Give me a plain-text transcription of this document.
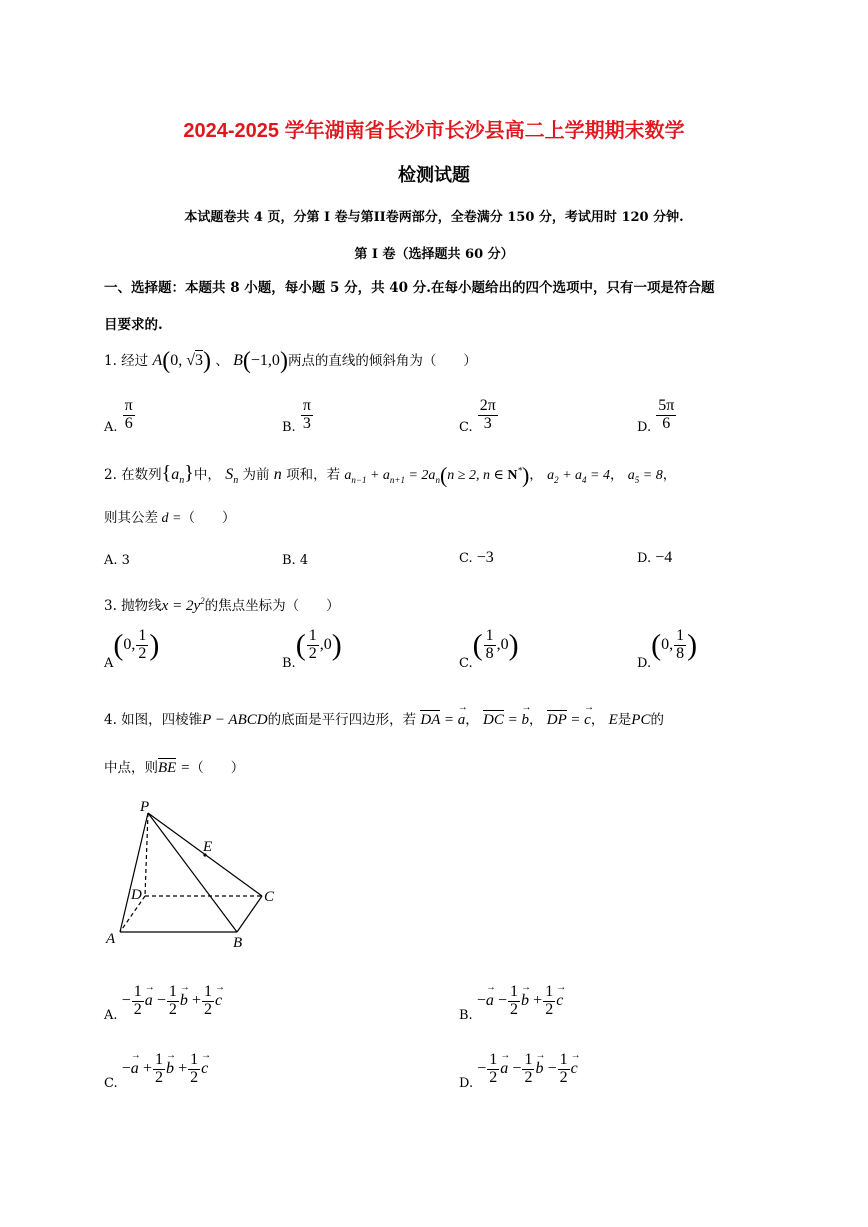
2024-2025 学年湖南省长沙市长沙县高二上学期期末数学
检测试题
本试题卷共 4 页，分第 I 卷与第II卷两部分，全卷满分 150 分，考试用时 120 分钟.
第 I 卷（选择题共 60 分）
一、选择题：本题共 8 小题，每小题 5 分，共 40 分.在每小题给出的四个选项中，只有一项是符合题
目要求的.
1. 经过 A(0, √3) 、 B(−1,0)两点的直线的倾斜角为（　　）
A. $\frac{\pi}{6}$	B. $\frac{\pi}{3}$	C. $\frac{2\pi}{3}$	D. $\frac{5\pi}{6}$
2. 在数列$\{a_n\}$中， $S_n$ 为前 n 项和，若 $a_{n-1} + a_{n+1} = 2a_n(n \ge 2$, n ∈ N*)， $a_2 + a_4 = 4$， $a_5 = 8$，
则其公差 d =（　　）
A. 3	B. 4	C. −3	D. −4
3. 抛物线$x = 2y^2$的焦点坐标为（　　）
A(0, $\frac{1}{2}$ )
$B.( \frac{1}{2} ,0)$
$C.( \frac{1}{8} ,0)$
D.(0, $\frac{1}{8}$ )
4. 如图，四棱锥P − ABCD的底面是平行四边形，若 DA = → a， DC = → b， DP = → c， E是PC的
中点，则BE =（　　）
P
E
D	C
A	B
A. − $\frac{1}{2}$
→ $a - \frac{1}{2}$
→ $b + \frac{1}{2}$
→ c
B. −→ $a - \frac{1}{2}$
→ $b + \frac{1}{2}$
→ c
C. −→ $a + \frac{1}{2}$
→ $b + \frac{1}{2}$
→ c
D. − $\frac{1}{2}$
→ $a - \frac{1}{2}$
→ $b - \frac{1}{2}$
→ c
